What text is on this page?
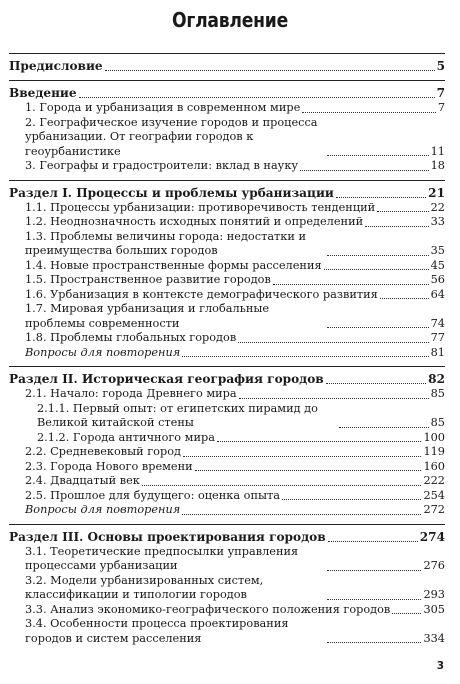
Оглавление
Предисловие	5
Введение	7
1. Города и урбанизация в современном мире	7
2. Географическое изучение городов и процесса урбанизации. От географии городов к геоурбанистике	11
3. Географы и градостроители: вклад в науку	18
Раздел I. Процессы и проблемы урбанизации	21
1.1. Процессы урбанизации: противоречивость тенденций	22
1.2. Неоднозначность исходных понятий и определений	33
1.3. Проблемы величины города: недостатки и преимущества больших городов	35
1.4. Новые пространственные формы расселения	45
1.5. Пространственное развитие городов	56
1.6. Урбанизация в контексте демографического развития	64
1.7. Мировая урбанизация и глобальные проблемы современности	74
1.8. Проблемы глобальных городов	77
Вопросы для повторения	81
Раздел II. Историческая география городов	82
2.1. Начало: города Древнего мира	85
2.1.1. Первый опыт: от египетских пирамид до Великой китайской стены	85
2.1.2. Города античного мира	100
2.2. Средневековый город	119
2.3. Города Нового времени	160
2.4. Двадцатый век	222
2.5. Прошлое для будущего: оценка опыта	254
Вопросы для повторения	272
Раздел III. Основы проектирования городов	274
3.1. Теоретические предпосылки управления процессами урбанизации	276
3.2. Модели урбанизированных систем, классификации и типологии городов	293
3.3. Анализ экономико-географического положения городов	305
3.4. Особенности процесса проектирования городов и систем расселения	334
3
